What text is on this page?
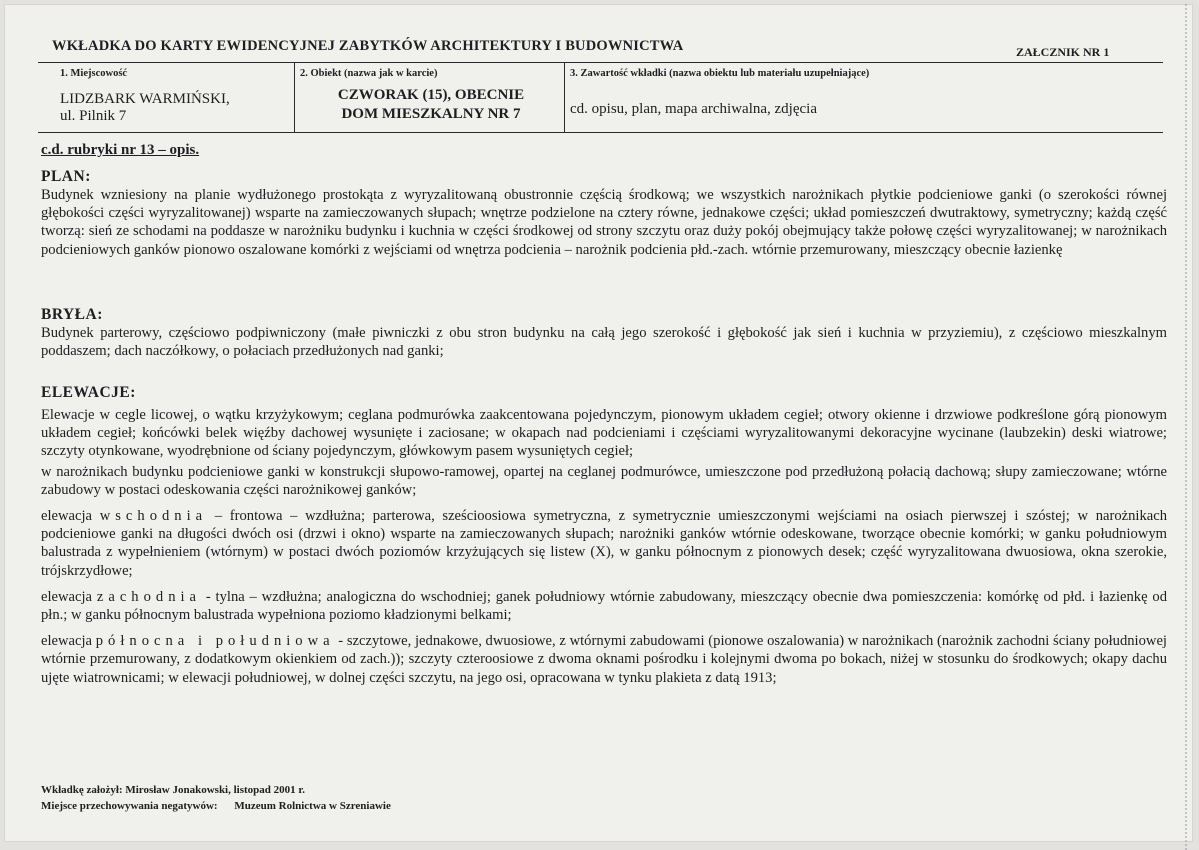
WKŁADKA DO KARTY EWIDENCYJNEJ ZABYTKÓW ARCHITEKTURY I BUDOWNICTWA	ZAŁCZNIK NR 1
1. Miejscowość
LIDZBARK WARMIŃSKI,
ul. Pilnik 7
2. Obiekt (nazwa jak w karcie)
CZWORAK (15), OBECNIE
DOM MIESZKALNY NR 7
3. Zawartość wkładki (nazwa obiektu lub materiału uzupełniające)
cd. opisu, plan, mapa archiwalna, zdjęcia
c.d. rubryki nr 13 – opis.
PLAN:

Budynek wzniesiony na planie wydłużonego prostokąta z wyryzalitowaną obustronnie częścią środkową; we wszystkich narożnikach płytkie podcieniowe ganki (o szerokości równej głębokości części wyryzalitowanej) wsparte na zamieczowanych słupach; wnętrze podzielone na cztery równe, jednakowe części; układ pomieszczeń dwutraktowy, symetryczny; każdą część tworzą: sień ze schodami na poddasze w narożniku budynku i kuchnia w części środkowej od strony szczytu oraz duży pokój obejmujący także połowę części wyryzalitowanej; w narożnikach podcieniowych ganków pionowo oszalowane komórki z wejściami od wnętrza podcienia – narożnik podcienia płd.-zach. wtórnie przemurowany, mieszczący obecnie łazienkę

BRYŁA:

Budynek parterowy, częściowo podpiwniczony (małe piwniczki z obu stron budynku na całą jego szerokość i głębokość jak sień i kuchnia w przyziemiu), z częściowo mieszkalnym poddaszem; dach naczółkowy, o połaciach przedłużonych nad ganki;

ELEWACJE:

Elewacje w cegle licowej, o wątku krzyżykowym; ceglana podmurówka zaakcentowana pojedynczym, pionowym układem cegieł; otwory okienne i drzwiowe podkreślone górą pionowym układem cegieł; końcówki belek więźby dachowej wysunięte i zaciosane; w okapach nad podcieniami i częściami wyryzalitowanymi dekoracyjne wycinane (laubzekin) deski wiatrowe; szczyty otynkowane, wyodrębnione od ściany pojedynczym, główkowym pasem wysuniętych cegieł;

w narożnikach budynku podcieniowe ganki w konstrukcji słupowo-ramowej, opartej na ceglanej podmurówce, umieszczone pod przedłużoną połacią dachową; słupy zamieczowane; wtórne zabudowy w postaci odeskowania części narożnikowej ganków;

elewacja wschodnia – frontowa – wzdłużna; parterowa, sześcioosiowa symetryczna, z symetrycznie umieszczonymi wejściami na osiach pierwszej i szóstej; w narożnikach podcieniowe ganki na długości dwóch osi (drzwi i okno) wsparte na zamieczowanych słupach; narożniki ganków wtórnie odeskowane, tworzące obecnie komórki; w ganku południowym balustrada z wypełnieniem (wtórnym) w postaci dwóch poziomów krzyżujących się listew (X), w ganku północnym z pionowych desek; część wyryzalitowana dwuosiowa, okna szerokie, trójskrzydłowe;

elewacja zachodnia - tylna – wzdłużna; analogiczna do wschodniej; ganek południowy wtórnie zabudowany, mieszczący obecnie dwa pomieszczenia: komórkę od płd. i łazienkę od płn.; w ganku północnym balustrada wypełniona poziomo kładzionymi belkami;

elewacja północna i południowa - szczytowe, jednakowe, dwuosiowe, z wtórnymi zabudowami (pionowe oszalowania) w narożnikach (narożnik zachodni ściany południowej wtórnie przemurowany, z dodatkowym okienkiem od zach.)); szczyty czteroosiowe z dwoma oknami pośrodku i kolejnymi dwoma po bokach, niżej w stosunku do środkowych; okapy dachu ujęte wiatrownicami; w elewacji południowej, w dolnej części szczytu, na jego osi, opracowana w tynku plakieta z datą 1913;

Wkładkę założył: Mirosław Jonakowski, listopad 2001 r.
Miejsce przechowywania negatywów: Muzeum Rolnictwa w Szreniawie
